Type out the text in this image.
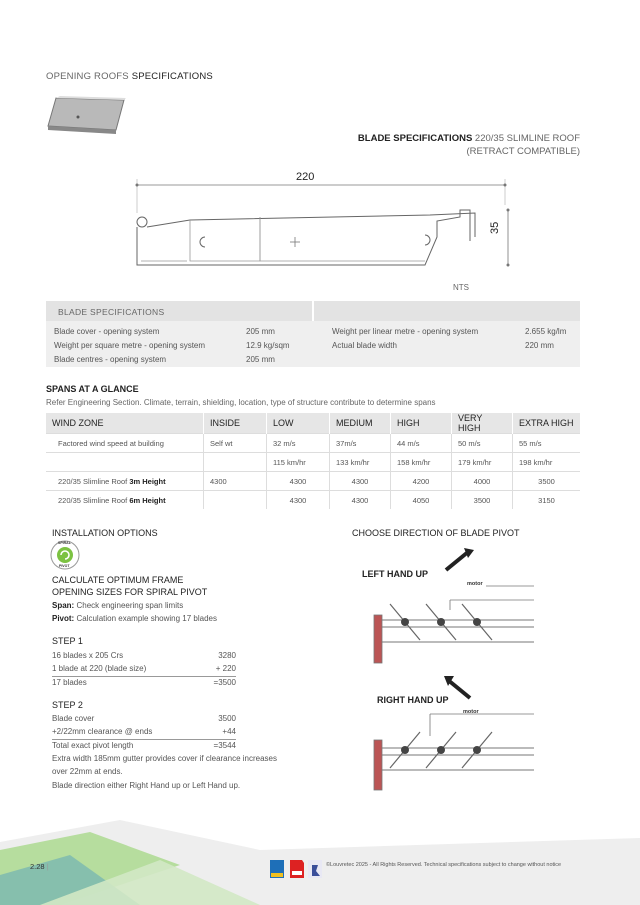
OPENING ROOFS SPECIFICATIONS
BLADE SPECIFICATIONS 220/35 SLIMLINE ROOF
(RETRACT COMPATIBLE)
220
35
NTS
BLADE SPECIFICATIONS
Blade cover - opening system	205 mm
Weight per square metre - opening system	12.9 kg/sqm
Blade centres - opening system	205 mm
Weight per linear metre - opening system	2.655 kg/lm
Actual blade width	220 mm
SPANS AT A GLANCE
Refer Engineering Section. Climate, terrain, shielding, location, type of structure contribute to determine spans
WIND ZONE	INSIDE	LOW	MEDIUM	HIGH	VERY HIGH	EXTRA HIGH
Factored wind speed at building	Self wt	32 m/s	37m/s	44 m/s	50 m/s	55 m/s
		115 km/hr	133 km/hr	158 km/hr	179 km/hr	198 km/hr
220/35 Slimline Roof 3m Height	4300	4300	4300	4200	4000	3500
220/35 Slimline Roof 6m Height		4300	4300	4050	3500	3150
INSTALLATION OPTIONS
SPIRAL
PIVOT
CALCULATE OPTIMUM FRAME
OPENING SIZES FOR SPIRAL PIVOT
Span: Check engineering span limits
Pivot: Calculation example showing 17 blades
STEP 1
16 blades x 205 Crs	3280
1 blade at 220 (blade size)	+ 220
17 blades	=3500
STEP 2
Blade cover	3500
+2/22mm clearance @ ends	+44
Total exact pivot length	=3544
Extra width 185mm gutter provides cover if clearance increases
over 22mm at ends.
Blade direction either Right Hand up or Left Hand up.
CHOOSE DIRECTION OF BLADE PIVOT
LEFT HAND UP
motor
RIGHT HAND UP
motor
2.28 |	©Louvretec 2025 - All Rights Reserved. Technical specifications subject to change without notice
